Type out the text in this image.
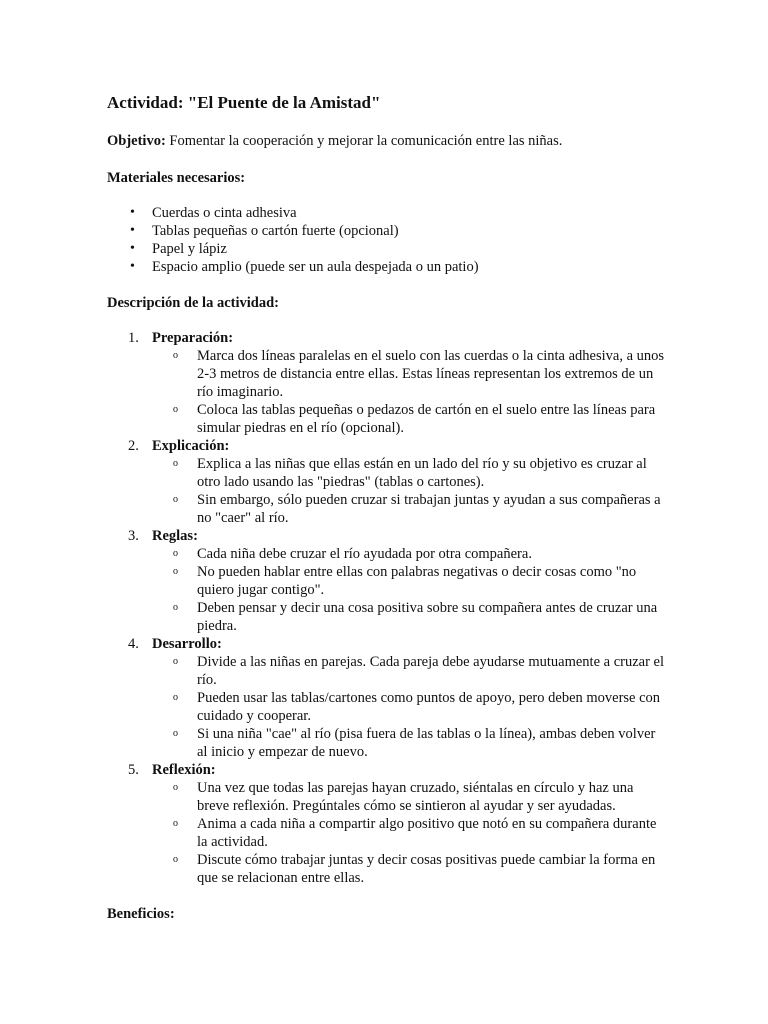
Actividad: "El Puente de la Amistad"

Objetivo: Fomentar la cooperación y mejorar la comunicación entre las niñas.

Materiales necesarios:

• Cuerdas o cinta adhesiva
• Tablas pequeñas o cartón fuerte (opcional)
• Papel y lápiz
• Espacio amplio (puede ser un aula despejada o un patio)

Descripción de la actividad:

1. Preparación:
o Marca dos líneas paralelas en el suelo con las cuerdas o la cinta adhesiva, a unos 2-3 metros de distancia entre ellas. Estas líneas representan los extremos de un río imaginario.
o Coloca las tablas pequeñas o pedazos de cartón en el suelo entre las líneas para simular piedras en el río (opcional).
2. Explicación:
o Explica a las niñas que ellas están en un lado del río y su objetivo es cruzar al otro lado usando las "piedras" (tablas o cartones).
o Sin embargo, sólo pueden cruzar si trabajan juntas y ayudan a sus compañeras a no "caer" al río.
3. Reglas:
o Cada niña debe cruzar el río ayudada por otra compañera.
o No pueden hablar entre ellas con palabras negativas o decir cosas como "no quiero jugar contigo".
o Deben pensar y decir una cosa positiva sobre su compañera antes de cruzar una piedra.
4. Desarrollo:
o Divide a las niñas en parejas. Cada pareja debe ayudarse mutuamente a cruzar el río.
o Pueden usar las tablas/cartones como puntos de apoyo, pero deben moverse con cuidado y cooperar.
o Si una niña "cae" al río (pisa fuera de las tablas o la línea), ambas deben volver al inicio y empezar de nuevo.
5. Reflexión:
o Una vez que todas las parejas hayan cruzado, siéntalas en círculo y haz una breve reflexión. Pregúntales cómo se sintieron al ayudar y ser ayudadas.
o Anima a cada niña a compartir algo positivo que notó en su compañera durante la actividad.
o Discute cómo trabajar juntas y decir cosas positivas puede cambiar la forma en que se relacionan entre ellas.

Beneficios:
